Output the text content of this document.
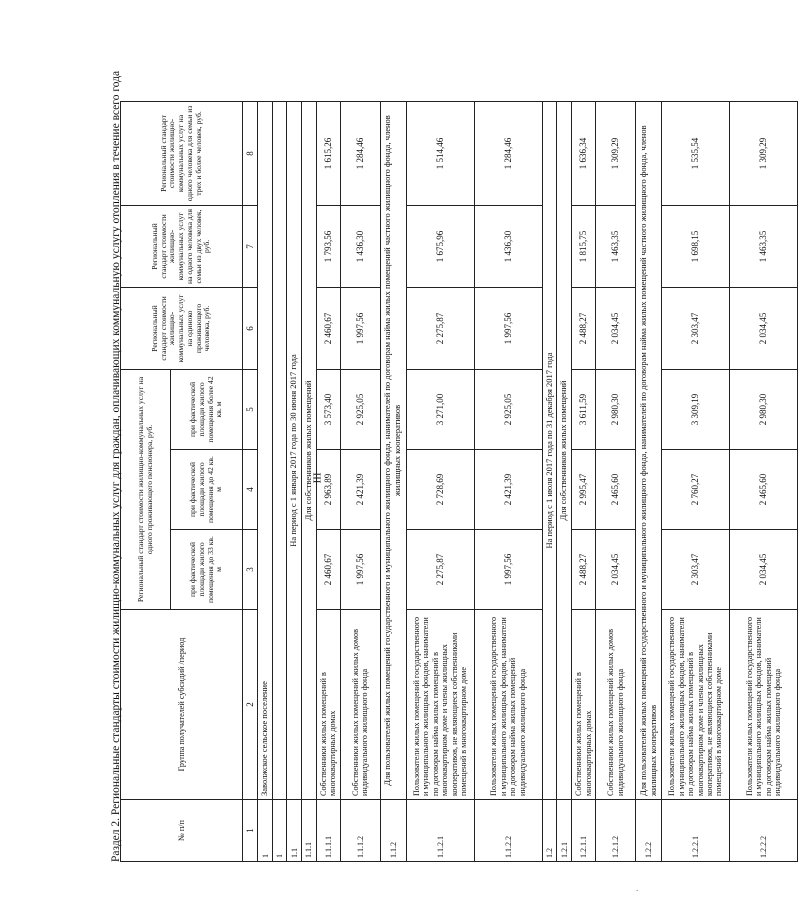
III
Раздел 2. Региональные стандарты стоимости жилищно-коммунальных услуг для граждан, оплачивающих коммунальную услугу отопления в течение всего года	№ п/п	Группа получателей субсидий /период	Региональный стандарт стоимости жилищно-коммунальных услуг на одного проживающего пенсионера, руб.			Региональный стандарт стоимости жилищно-коммунальных услуг на одиноко проживающего человека, руб.	Региональный стандарт стоимости жилищно-коммунальных услуг на одного человека для семьи из двух человек, руб.	Региональный стандарт стоимости жилищно-коммунальных услуг на одного человека для семьи из трех и более человек, руб.
		при фактической площади жилого помещения до 33 кв. м	при фактической площади жилого помещения до 42 кв. м	при фактической площади жилого помещения более 42 кв. м			
1	2	3	4	5	6	7	8
1	Заволжское сельское поселение						
1							
1.1	На период с 1 января 2017 года по 30 июня 2017 года						
1.1.1	Для собственников жилых помещений						
1.1.1.1	Собственники жилых помещений в многоквартирных домах	2 460,67	2 963,89	3 573,40	2 460,67	1 793,56	1 615,26
1.1.1.2	Собственники жилых помещений жилых домов индивидуального жилищного фонда	1 997,56	2 421,39	2 925,05	1 997,56	1 436,30	1 284,46
1.1.2	Для пользователей жилых помещений государственного и муниципального жилищного фонда, нанимателей по договорам найма жилых помещений частного жилищного фонда, членов жилищных кооперативов						
1.1.2.1	Пользователи жилых помещений государственного и муниципального жилищных фондов, наниматели по договорам найма жилых помещений в многоквартирном доме и члены жилищных кооперативов, не являющиеся собственниками помещений в многоквартирном доме	2 275,87	2 728,69	3 271,00	2 275,87	1 675,96	1 514,46
1.1.2.2	Пользователи жилых помещений государственного и муниципального жилищных фондов, наниматели по договорам найма жилых помещений индивидуального жилищного фонда	1 997,56	2 421,39	2 925,05	1 997,56	1 436,30	1 284,46
1.2	На период с 1 июля 2017 года по 31 декабря 2017 года						
1.2.1	Для собственников жилых помещений						
1.2.1.1	Собственники жилых помещений в многоквартирных домах	2 488,27	2 995,47	3 611,59	2 488,27	1 815,75	1 636,34
1.2.1.2	Собственники жилых помещений жилых домов индивидуального жилищного фонда	2 034,45	2 465,60	2 980,30	2 034,45	1 463,35	1 309,29
1.2.2	Для пользователей жилых помещений государственного и муниципального жилищного фонда, нанимателей по договорам найма жилых помещений частного жилищного фонда, членов жилищных кооперативов						
1.2.2.1	Пользователи жилых помещений государственного и муниципального жилищных фондов, наниматели по договорам найма жилых помещений в многоквартирном доме и члены жилищных кооперативов, не являющиеся собственниками помещений в многоквартирном доме	2 303,47	2 760,27	3 309,19	2 303,47	1 698,15	1 535,54
1.2.2.2	Пользователи жилых помещений государственного и муниципального жилищных фондов, наниматели по договорам найма жилых помещений индивидуального жилищного фонда	2 034,45	2 465,60	2 980,30	2 034,45	1 463,35	1 309,29
.
